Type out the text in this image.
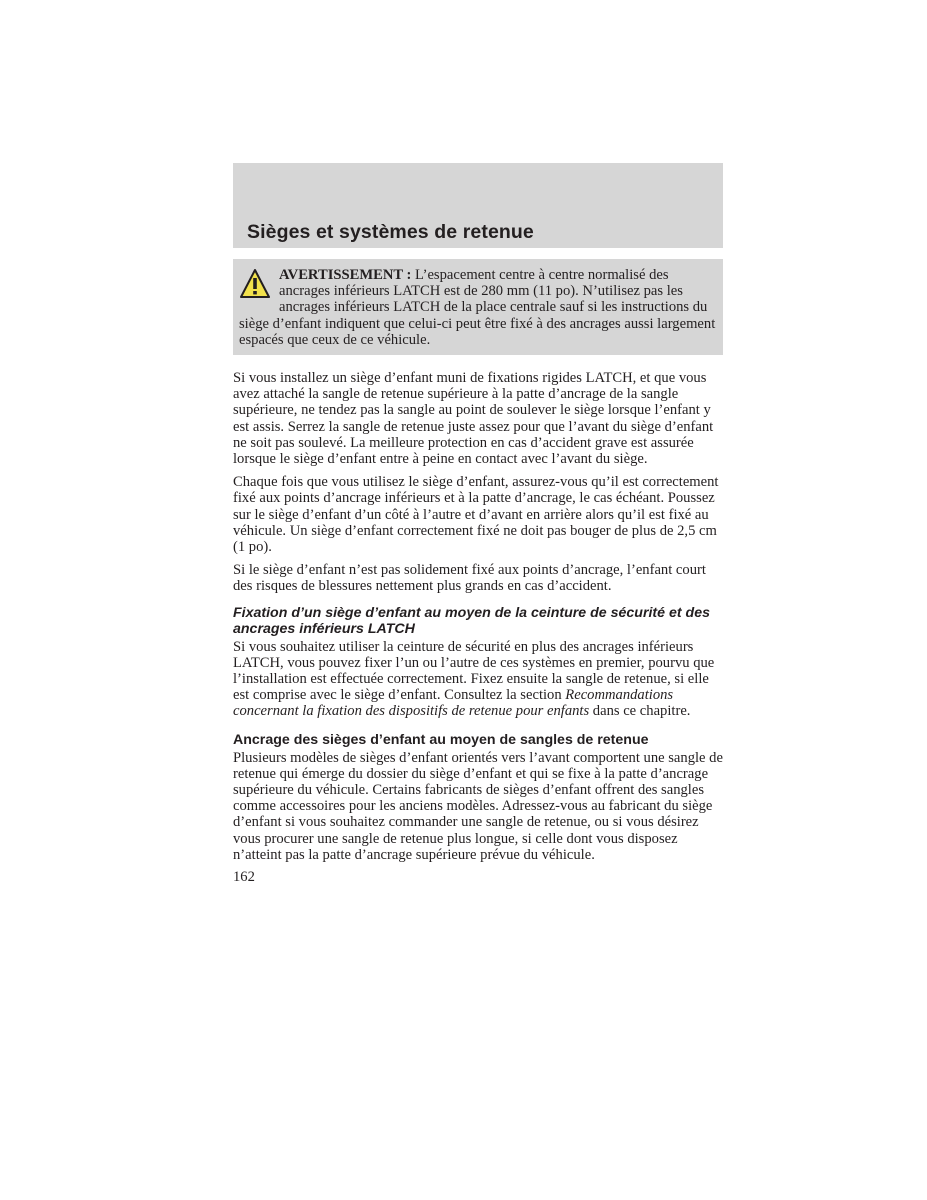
Sièges et systèmes de retenue

AVERTISSEMENT : L’espacement centre à centre normalisé des ancrages inférieurs LATCH est de 280 mm (11 po). N’utilisez pas les ancrages inférieurs LATCH de la place centrale sauf si les instructions du siège d’enfant indiquent que celui-ci peut être fixé à des ancrages aussi largement espacés que ceux de ce véhicule.

Si vous installez un siège d’enfant muni de fixations rigides LATCH, et que vous avez attaché la sangle de retenue supérieure à la patte d’ancrage de la sangle supérieure, ne tendez pas la sangle au point de soulever le siège lorsque l’enfant y est assis. Serrez la sangle de retenue juste assez pour que l’avant du siège d’enfant ne soit pas soulevé. La meilleure protection en cas d’accident grave est assurée lorsque le siège d’enfant entre à peine en contact avec l’avant du siège.

Chaque fois que vous utilisez le siège d’enfant, assurez-vous qu’il est correctement fixé aux points d’ancrage inférieurs et à la patte d’ancrage, le cas échéant. Poussez sur le siège d’enfant d’un côté à l’autre et d’avant en arrière alors qu’il est fixé au véhicule. Un siège d’enfant correctement fixé ne doit pas bouger de plus de 2,5 cm (1 po).

Si le siège d’enfant n’est pas solidement fixé aux points d’ancrage, l’enfant court des risques de blessures nettement plus grands en cas d’accident.

Fixation d’un siège d’enfant au moyen de la ceinture de sécurité et des ancrages inférieurs LATCH

Si vous souhaitez utiliser la ceinture de sécurité en plus des ancrages inférieurs LATCH, vous pouvez fixer l’un ou l’autre de ces systèmes en premier, pourvu que l’installation est effectuée correctement. Fixez ensuite la sangle de retenue, si elle est comprise avec le siège d’enfant. Consultez la section Recommandations concernant la fixation des dispositifs de retenue pour enfants dans ce chapitre.

Ancrage des sièges d’enfant au moyen de sangles de retenue

Plusieurs modèles de sièges d’enfant orientés vers l’avant comportent une sangle de retenue qui émerge du dossier du siège d’enfant et qui se fixe à la patte d’ancrage supérieure du véhicule. Certains fabricants de sièges d’enfant offrent des sangles comme accessoires pour les anciens modèles. Adressez-vous au fabricant du siège d’enfant si vous souhaitez commander une sangle de retenue, ou si vous désirez vous procurer une sangle de retenue plus longue, si celle dont vous disposez n’atteint pas la patte d’ancrage supérieure prévue du véhicule.

162
